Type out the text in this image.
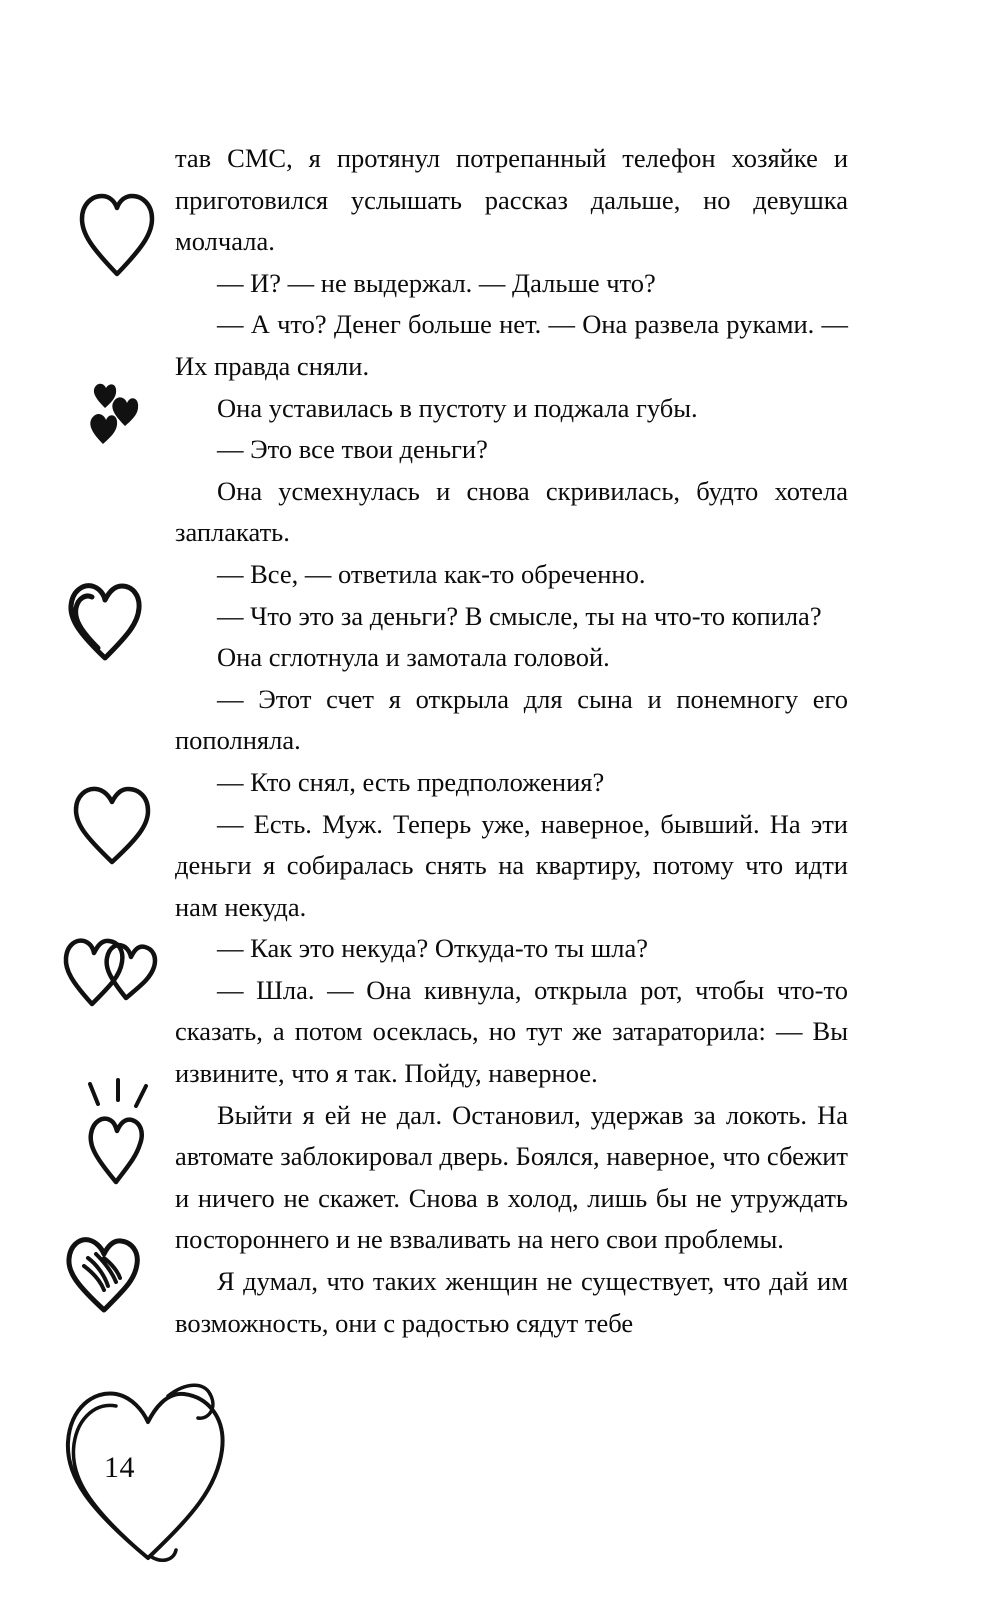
тав СМС, я протянул потрепанный телефон хозяйке и приготовился услышать рассказ дальше, но девушка молчала.

— И? — не выдержал. — Дальше что?

— А что? Денег больше нет. — Она развела руками. — Их правда сняли.

Она уставилась в пустоту и поджала губы.

— Это все твои деньги?

Она усмехнулась и снова скривилась, будто хотела заплакать.

— Все, — ответила как-то обреченно.

— Что это за деньги? В смысле, ты на что-то копила?

Она сглотнула и замотала головой.

— Этот счет я открыла для сына и понемногу его пополняла.

— Кто снял, есть предположения?

— Есть. Муж. Теперь уже, наверное, бывший. На эти деньги я собиралась снять на квартиру, потому что идти нам некуда.

— Как это некуда? Откуда-то ты шла?

— Шла. — Она кивнула, открыла рот, чтобы что-то сказать, а потом осеклась, но тут же затараторила: — Вы извините, что я так. Пойду, наверное.

Выйти я ей не дал. Остановил, удержав за локоть. На автомате заблокировал дверь. Боялся, наверное, что сбежит и ничего не скажет. Снова в холод, лишь бы не утруждать постороннего и не взваливать на него свои проблемы.

Я думал, что таких женщин не существует, что дай им возможность, они с радостью сядут тебе

14
